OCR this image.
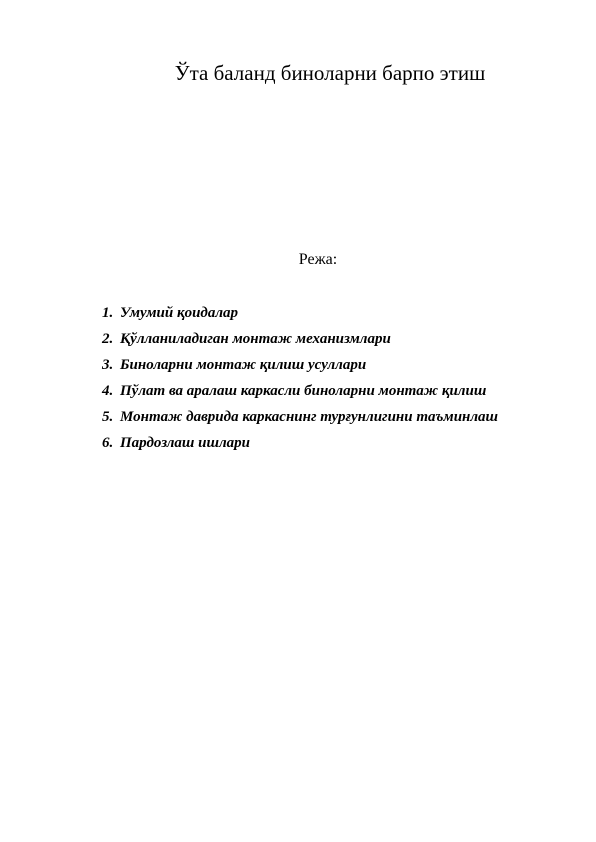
Ўта баланд биноларни барпо этиш
Режа:
1. Умумий қоидалар
2. Қўлланиладиган монтаж механизмлари
3. Биноларни монтаж қилиш усуллари
4. Пўлат ва аралаш каркасли биноларни монтаж қилиш
5. Монтаж даврида каркаснинг турғунлигини таъминлаш
6. Пардозлаш ишлари
